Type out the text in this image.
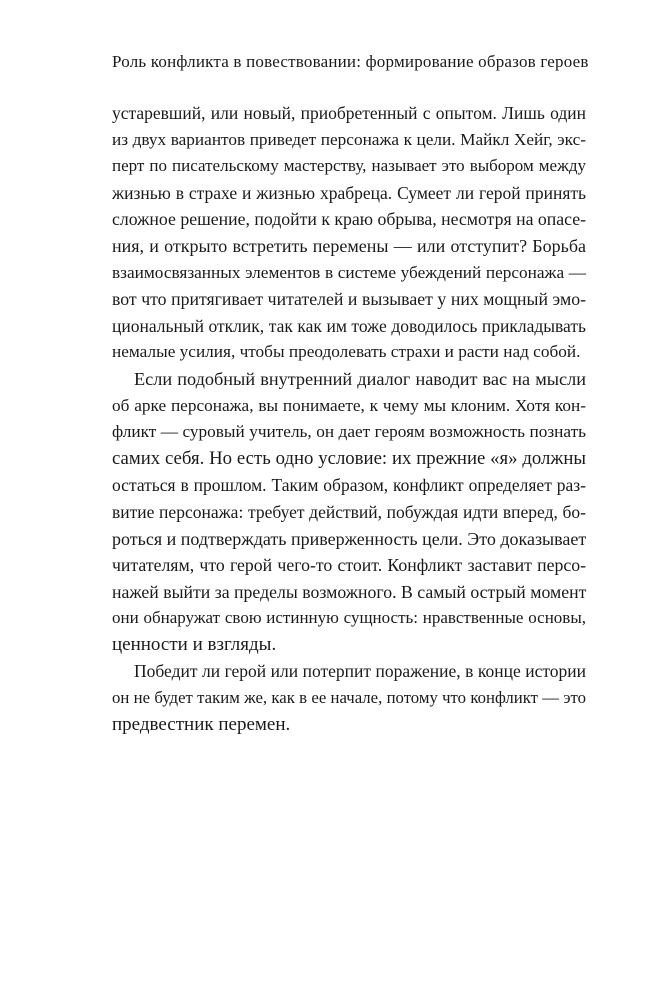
Роль конфликта в повествовании: формирование образов героев

устаревший, или новый, приобретенный с опытом. Лишь один
из двух вариантов приведет персонажа к цели. Майкл Хейг, экс-
перт по писательскому мастерству, называет это выбором между
жизнью в страхе и жизнью храбреца. Сумеет ли герой принять
сложное решение, подойти к краю обрыва, несмотря на опасе-
ния, и открыто встретить перемены — или отступит? Борьба
взаимосвязанных элементов в системе убеждений персонажа —
вот что притягивает читателей и вызывает у них мощный эмо-
циональный отклик, так как им тоже доводилось прикладывать
немалые усилия, чтобы преодолевать страхи и расти над собой.

Если подобный внутренний диалог наводит вас на мысли
об арке персонажа, вы понимаете, к чему мы клоним. Хотя кон-
фликт — суровый учитель, он дает героям возможность познать
самих себя. Но есть одно условие: их прежние «я» должны
остаться в прошлом. Таким образом, конфликт определяет раз-
витие персонажа: требует действий, побуждая идти вперед, бо-
роться и подтверждать приверженность цели. Это доказывает
читателям, что герой чего-то стоит. Конфликт заставит персо-
нажей выйти за пределы возможного. В самый острый момент
они обнаружат свою истинную сущность: нравственные основы,
ценности и взгляды.

Победит ли герой или потерпит поражение, в конце истории
он не будет таким же, как в ее начале, потому что конфликт — это
предвестник перемен.
